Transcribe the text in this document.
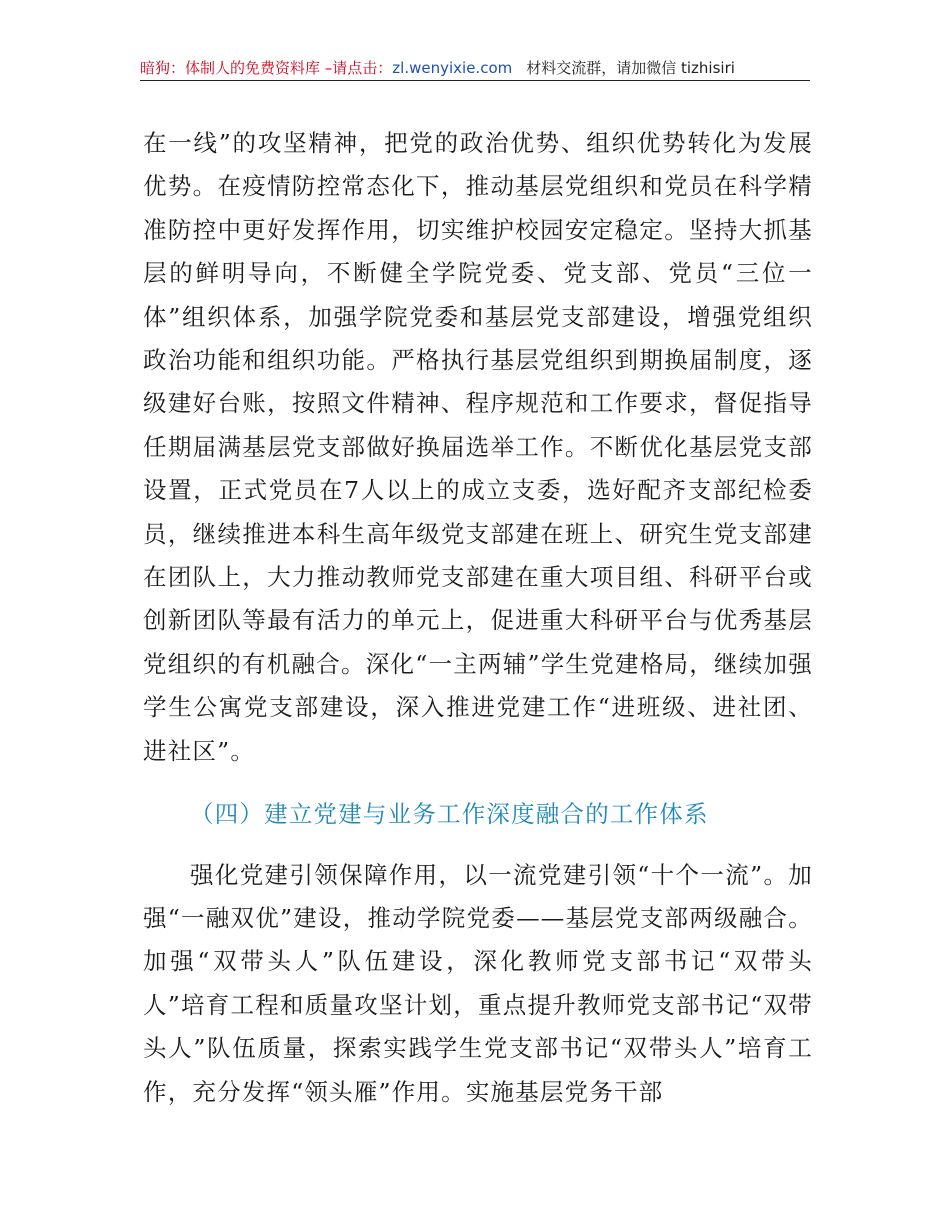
暗狗：体制人的免费资料库 –请点击：zl.wenyixie.com 材料交流群，请加微信 tizhisiri

在一线”的攻坚精神，把党的政治优势、组织优势转化为发展优势。在疫情防控常态化下，推动基层党组织和党员在科学精准防控中更好发挥作用，切实维护校园安定稳定。坚持大抓基层的鲜明导向，不断健全学院党委、党支部、党员“三位一体”组织体系，加强学院党委和基层党支部建设，增强党组织政治功能和组织功能。严格执行基层党组织到期换届制度，逐级建好台账，按照文件精神、程序规范和工作要求，督促指导任期届满基层党支部做好换届选举工作。不断优化基层党支部设置，正式党员在7人以上的成立支委，选好配齐支部纪检委员，继续推进本科生高年级党支部建在班上、研究生党支部建在团队上，大力推动教师党支部建在重大项目组、科研平台或创新团队等最有活力的单元上，促进重大科研平台与优秀基层党组织的有机融合。深化“一主两辅”学生党建格局，继续加强学生公寓党支部建设，深入推进党建工作“进班级、进社团、进社区”。

（四）建立党建与业务工作深度融合的工作体系

强化党建引领保障作用，以一流党建引领“十个一流”。加强“一融双优”建设，推动学院党委——基层党支部两级融合。加强“双带头人”队伍建设，深化教师党支部书记“双带头人”培育工程和质量攻坚计划，重点提升教师党支部书记“双带头人”队伍质量，探索实践学生党支部书记“双带头人”培育工作，充分发挥“领头雁”作用。实施基层党务干部
